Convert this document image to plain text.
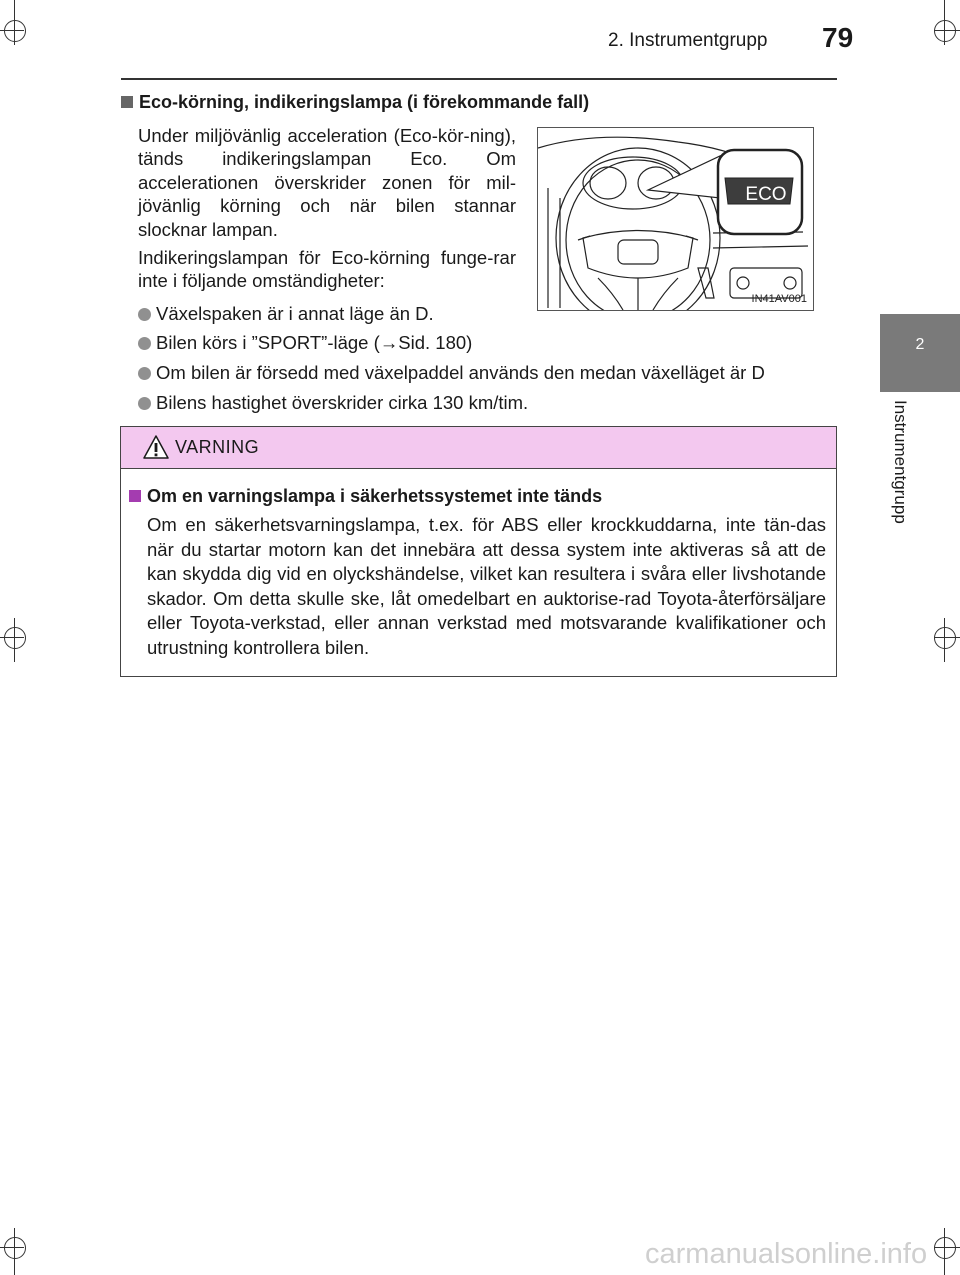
2. Instrumentgrupp 79
2
Instrumentgrupp
Eco-körning, indikeringslampa (i förekommande fall)
Under miljövänlig acceleration (Eco-kör-ning), tänds indikeringslampan Eco. Om accelerationen överskrider zonen för mil-jövänlig körning och när bilen stannar slocknar lampan.
Indikeringslampan för Eco-körning funge-rar inte i följande omständigheter:
Växelspaken är i annat läge än D.
Bilen körs i ”SPORT”-läge (→Sid. 180)
Om bilen är försedd med växelpaddel används den medan växelläget är D
Bilens hastighet överskrider cirka 130 km/tim.
ECO
IN41AV001
VARNING
Om en varningslampa i säkerhetssystemet inte tänds
Om en säkerhetsvarningslampa, t.ex. för ABS eller krockkuddarna, inte tän-das när du startar motorn kan det innebära att dessa system inte aktiveras så att de kan skydda dig vid en olyckshändelse, vilket kan resultera i svåra eller livshotande skador. Om detta skulle ske, låt omedelbart en auktorise-rad Toyota-återförsäljare eller Toyota-verkstad, eller annan verkstad med motsvarande kvalifikationer och utrustning kontrollera bilen.
carmanualsonline.info
